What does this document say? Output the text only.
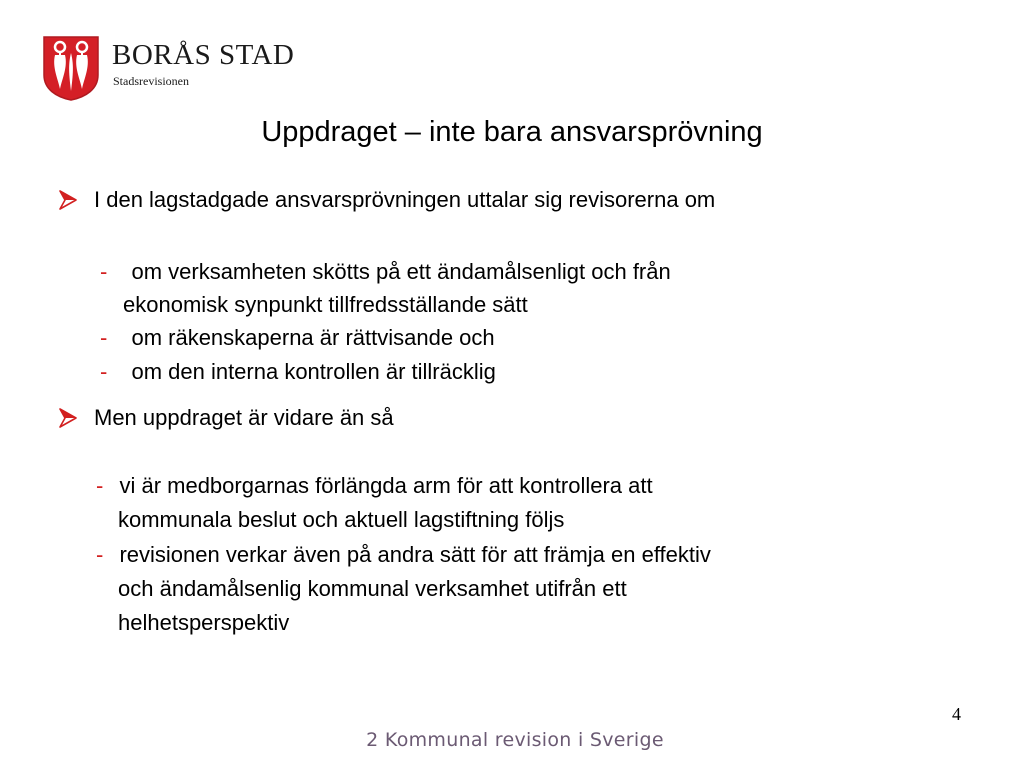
BORÅS STAD
Stadsrevisionen
Uppdraget – inte bara ansvarsprövning
I den lagstadgade ansvarsprövningen uttalar sig revisorerna om
- om verksamheten skötts på ett ändamålsenligt och från
ekonomisk synpunkt tillfredsställande sätt
- om räkenskaperna är rättvisande och
- om den interna kontrollen är tillräcklig
Men uppdraget är vidare än så
- vi är medborgarnas förlängda arm för att kontrollera att
kommunala beslut och aktuell lagstiftning följs
- revisionen verkar även på andra sätt för att främja en effektiv
och ändamålsenlig kommunal verksamhet utifrån ett
helhetsperspektiv
4
2 Kommunal revision i Sverige
